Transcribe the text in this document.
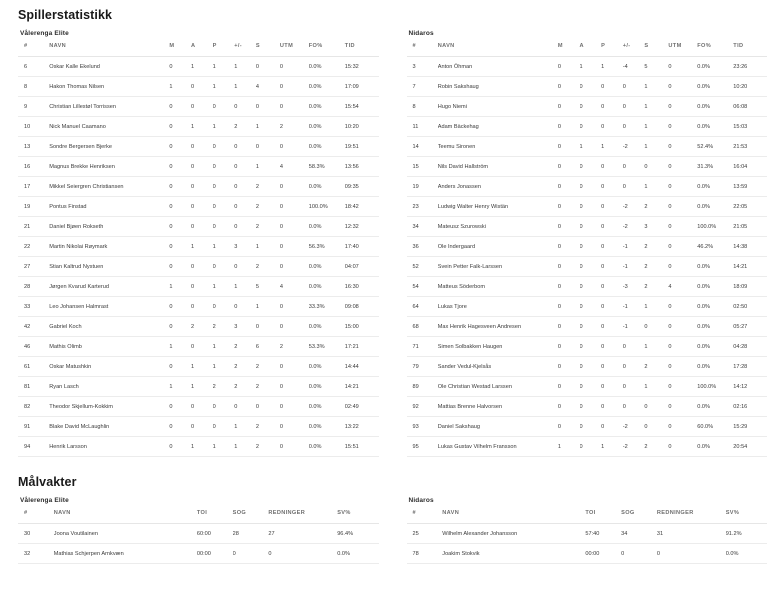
Spillerstatistikk
Vålerenga Elite
#	NAVN	M	A	P	+/-	S	UTM	FO%	TID
6	Oskar Kalle Ekelund	0	1	1	1	0	0	0.0%	15:32
8	Hakon Thomas Nilsen	1	0	1	1	4	0	0.0%	17:09
9	Christian Lillestøl Torrissen	0	0	0	0	0	0	0.0%	15:54
10	Nick Manuel Caamano	0	1	1	2	1	2	0.0%	10:20
13	Sondre Bergersen Bjerke	0	0	0	0	0	0	0.0%	19:51
16	Magnus Brekke Henriksen	0	0	0	0	1	4	58.3%	13:56
17	Mikkel Seiergren Christiansen	0	0	0	0	2	0	0.0%	09:35
19	Pontus Finstad	0	0	0	0	2	0	100.0%	18:42
21	Daniel Bjøen Rokseth	0	0	0	0	2	0	0.0%	12:32
22	Martin Nikolai Røymark	0	1	1	3	1	0	56.3%	17:40
27	Stian Kaltrud Nystuen	0	0	0	0	2	0	0.0%	04:07
28	Jørgen Kvarud Karterud	1	0	1	1	5	4	0.0%	16:30
33	Leo Johansen Halmrast	0	0	0	0	1	0	33.3%	09:08
42	Gabriel Koch	0	2	2	3	0	0	0.0%	15:00
46	Mathis Olimb	1	0	1	2	6	2	53.3%	17:21
61	Oskar Matushkin	0	1	1	2	2	0	0.0%	14:44
81	Ryan Lasch	1	1	2	2	2	0	0.0%	14:21
82	Theodor Skjellum-Kokkim	0	0	0	0	0	0	0.0%	02:49
91	Blake David McLaughlin	0	0	0	1	2	0	0.0%	13:22
94	Henrik Larsson	0	1	1	1	2	0	0.0%	15:51
Nidaros
#	NAVN	M	A	P	+/-	S	UTM	FO%	TID
3	Anton Öhman	0	1	1	-4	5	0	0.0%	23:26
7	Robin Sakshaug	0	0	0	0	1	0	0.0%	10:20
8	Hugo Niemi	0	0	0	0	1	0	0.0%	06:08
11	Adam Bäckehag	0	0	0	0	1	0	0.0%	15:03
14	Teemu Sironen	0	1	1	-2	1	0	52.4%	21:53
15	Nils David Hallström	0	0	0	0	0	0	31.3%	16:04
19	Anders Jonassen	0	0	0	0	1	0	0.0%	13:59
23	Ludwig Walter Henry Wistän	0	0	0	-2	2	0	0.0%	22:05
34	Mateusz Szurowski	0	0	0	-2	3	0	100.0%	21:05
36	Ole Indergaard	0	0	0	-1	2	0	46.2%	14:38
52	Svein Petter Falk-Larssen	0	0	0	-1	2	0	0.0%	14:21
54	Matteus Söderbom	0	0	0	-3	2	4	0.0%	18:09
64	Lukas Tjore	0	0	0	-1	1	0	0.0%	02:50
68	Max Henrik Hagesveen Andresen	0	0	0	-1	0	0	0.0%	05:27
71	Simen Solbakken Haugen	0	0	0	0	1	0	0.0%	04:28
79	Sander Vedul-Kjelsås	0	0	0	0	2	0	0.0%	17:28
89	Ole Christian Westad Larssen	0	0	0	0	1	0	100.0%	14:12
92	Mattias Brenne Halvorsen	0	0	0	0	0	0	0.0%	02:16
93	Daniel Sakshaug	0	0	0	-2	0	0	60.0%	15:29
95	Lukas Gustav Vilhelm Fransson	1	0	1	-2	2	0	0.0%	20:54
Målvakter
Vålerenga Elite
#	NAVN	TOI	SOG	REDNINGER	SV%
30	Joona Voutilainen	60:00	28	27	96.4%
32	Mathias Schjerpen Arnkvæn	00:00	0	0	0.0%
Nidaros
#	NAVN	TOI	SOG	REDNINGER	SV%
25	Wilhelm Alexander Johansson	57:40	34	31	91.2%
78	Joakim Stokvik	00:00	0	0	0.0%
